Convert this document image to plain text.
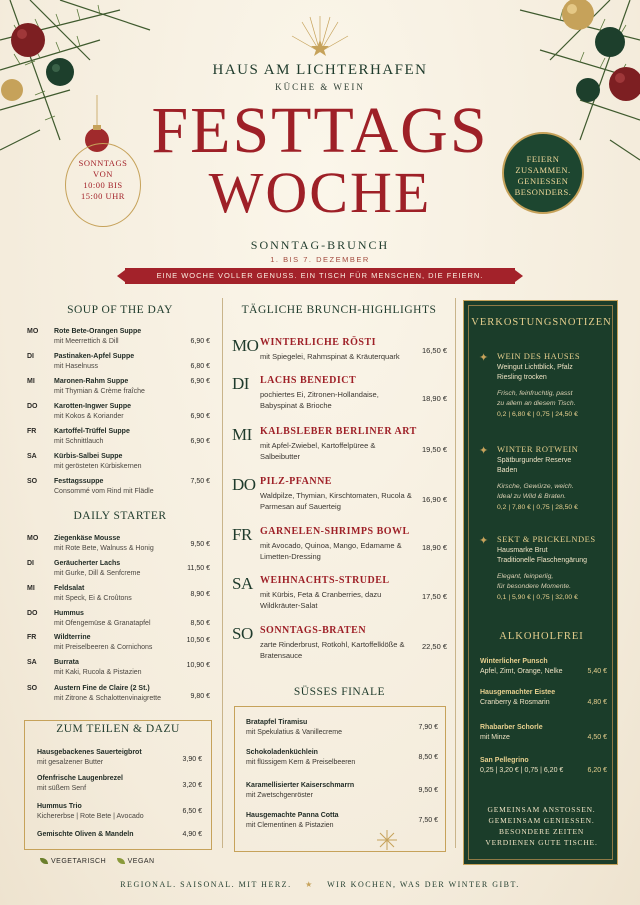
HAUS AM LICHTERHAFEN
KÜCHE & WEIN
FESTTAGS
WOCHE
SONNTAG-BRUNCH
1. BIS 7. DEZEMBER
EINE WOCHE VOLLER GENUSS. EIN TISCH FÜR MENSCHEN, DIE FEIERN.
SONNTAGS
VON
10:00 BIS
15:00 UHR
FEIERN
ZUSAMMEN.
GENIESSEN
BESONDERS.
SOUP OF THE DAY
MO Rote Bete-Orangen Suppe
mit Meerrettich & Dill	6,90 €
DI	Pastinaken-Apfel Suppe
mit Haselnuss	6,80 €
MI	Maronen-Rahm Suppe
mit Thymian & Crème fraîche
6,90 €
DO Karotten-Ingwer Suppe
mit Kokos & Koriander	6,90 €
FR	Kartoffel-Trüffel Suppe
mit Schnittlauch	6,90 €
SA Kürbis-Salbei Suppe
mit gerösteten Kürbiskernen
SO Festtagssuppe
Consommé vom Rind mit Flädle
7,50 €
DAILY STARTER
MO Ziegenkäse Mousse
mit Rote Bete, Walnuss & Honig
9,50 €
DI	Geräucherter Lachs
mit Gurke, Dill & Senfcreme
11,50 €
MI	Feldsalat
mit Speck, Ei & Croûtons
8,90 €
DO Hummus
mit Ofengemüse & Granatapfel	8,50 €
FR	Wildterrine
mit Preiselbeeren & Cornichons
10,50 €
SA Burrata
mit Kaki, Rucola & Pistazien
10,90 €
SO Austern Fine de Claire (2 St.)
mit Zitrone & Schalottenvinaigrette	9,80 €
ZUM TEILEN & DAZU
Hausgebackenes Sauerteigbrot
mit gesalzener Butter	3,90 €
Ofenfrische Laugenbrezel
mit süßem Senf	3,20 €
Hummus Trio
Kichererbse | Rote Bete | Avocado
6,50 €
Gemischte Oliven & Mandeln	4,90 €
TÄGLICHE BRUNCH-HIGHLIGHTS
MO WINTERLICHE RÖSTI
mit Spiegelei, Rahmspinat & Kräuterquark
16,50 €
DI LACHS BENEDICT
pochiertes Ei, Zitronen-Hollandaise, Babyspinat & Brioche
18,90 €
MI KALBSLEBER BERLINER ART
mit Apfel-Zwiebel, Kartoffelpüree & Salbeibutter
19,50 €
DO PILZ-PFANNE
Waldpilze, Thymian, Kirschtomaten, Rucola & Parmesan auf Sauerteig
16,90 €
FR GARNELEN-SHRIMPS BOWL
mit Avocado, Quinoa, Mango, Edamame & Limetten-Dressing
18,90 €
SA WEIHNACHTS-STRUDEL
mit Kürbis, Feta & Cranberries, dazu Wildkräuter-Salat
17,50 €
SO SONNTAGS-BRATEN
zarte Rinderbrust, Rotkohl, Kartoffelklöße & Bratensauce
22,50 €
SÜSSES FINALE
Bratapfel Tiramisu
mit Spekulatius & Vanillecreme
7,90 €
Schokoladenküchlein
mit flüssigem Kern & Preiselbeeren
8,50 €
Karamellisierter Kaiserschmarrn
mit Zwetschgenröster
9,50 €
Hausgemachte Panna Cotta
mit Clementinen & Pistazien
7,50 €
VERKOSTUNGSNOTIZEN
✦	WEIN DES HAUSES
Weingut Lichtblick, Pfalz
Riesling trocken
Frisch, feinfruchtig, passt
zu allem an diesem Tisch.
0,2 | 6,80 € | 0,75 | 24,50 €
✦	WINTER ROTWEIN
Spätburgunder Reserve
Baden
Kirsche, Gewürze, weich.
Ideal zu Wild & Braten.
0,2 | 7,80 € | 0,75 | 28,50 €
✦	SEKT & PRICKELNDES
Hausmarke Brut
Traditionelle Flaschengärung
Elegant, feinperlig,
für besondere Momente.
0,1 | 5,90 € | 0,75 | 32,00 €
ALKOHOLFREI
Winterlicher Punsch
Apfel, Zimt, Orange, Nelke	5,40 €
Hausgemachter Eistee
Cranberry & Rosmarin	4,80 €
Rhabarber Schorle
mit Minze	4,50 €
San Pellegrino
0,25 | 3,20 € | 0,75 | 6,20 €	6,20 €
GEMEINSAM ANSTOSSEN.
GEMEINSAM GENIESSEN.
BESONDERE ZEITEN
VERDIENEN GUTE TISCHE.
VEGETARISCH	VEGAN
REGIONAL. SAISONAL. MIT HERZ. ★ WIR KOCHEN, WAS DER WINTER GIBT.
